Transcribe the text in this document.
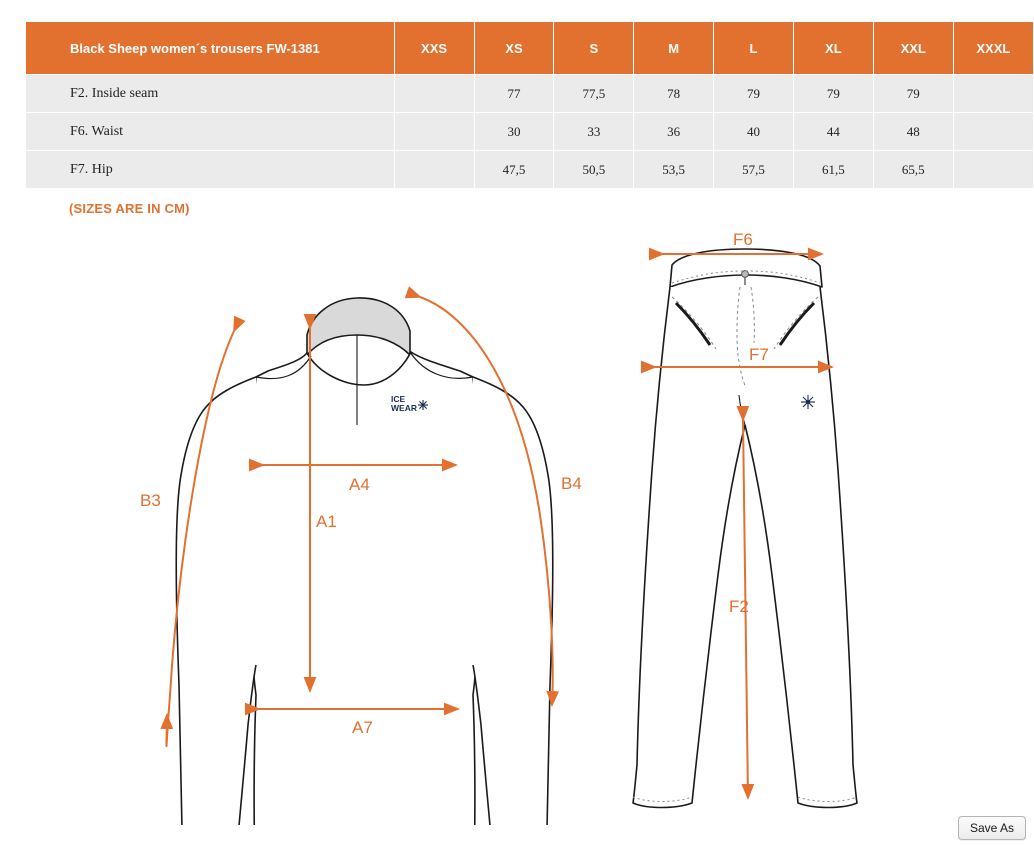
Black Sheep women´s trousers FW-1381	XXS	XS	S	M	L	XL	XXL	XXXL
F2. Inside seam		77	77,5	78	79	79	79	
F6. Waist		30	33	36	40	44	48	
F7. Hip		47,5	50,5	53,5	57,5	61,5	65,5	
(SIZES ARE IN CM)
ICE
WEAR
B3
B4
A4
A1
A7
F6
F7
F2
Save As
